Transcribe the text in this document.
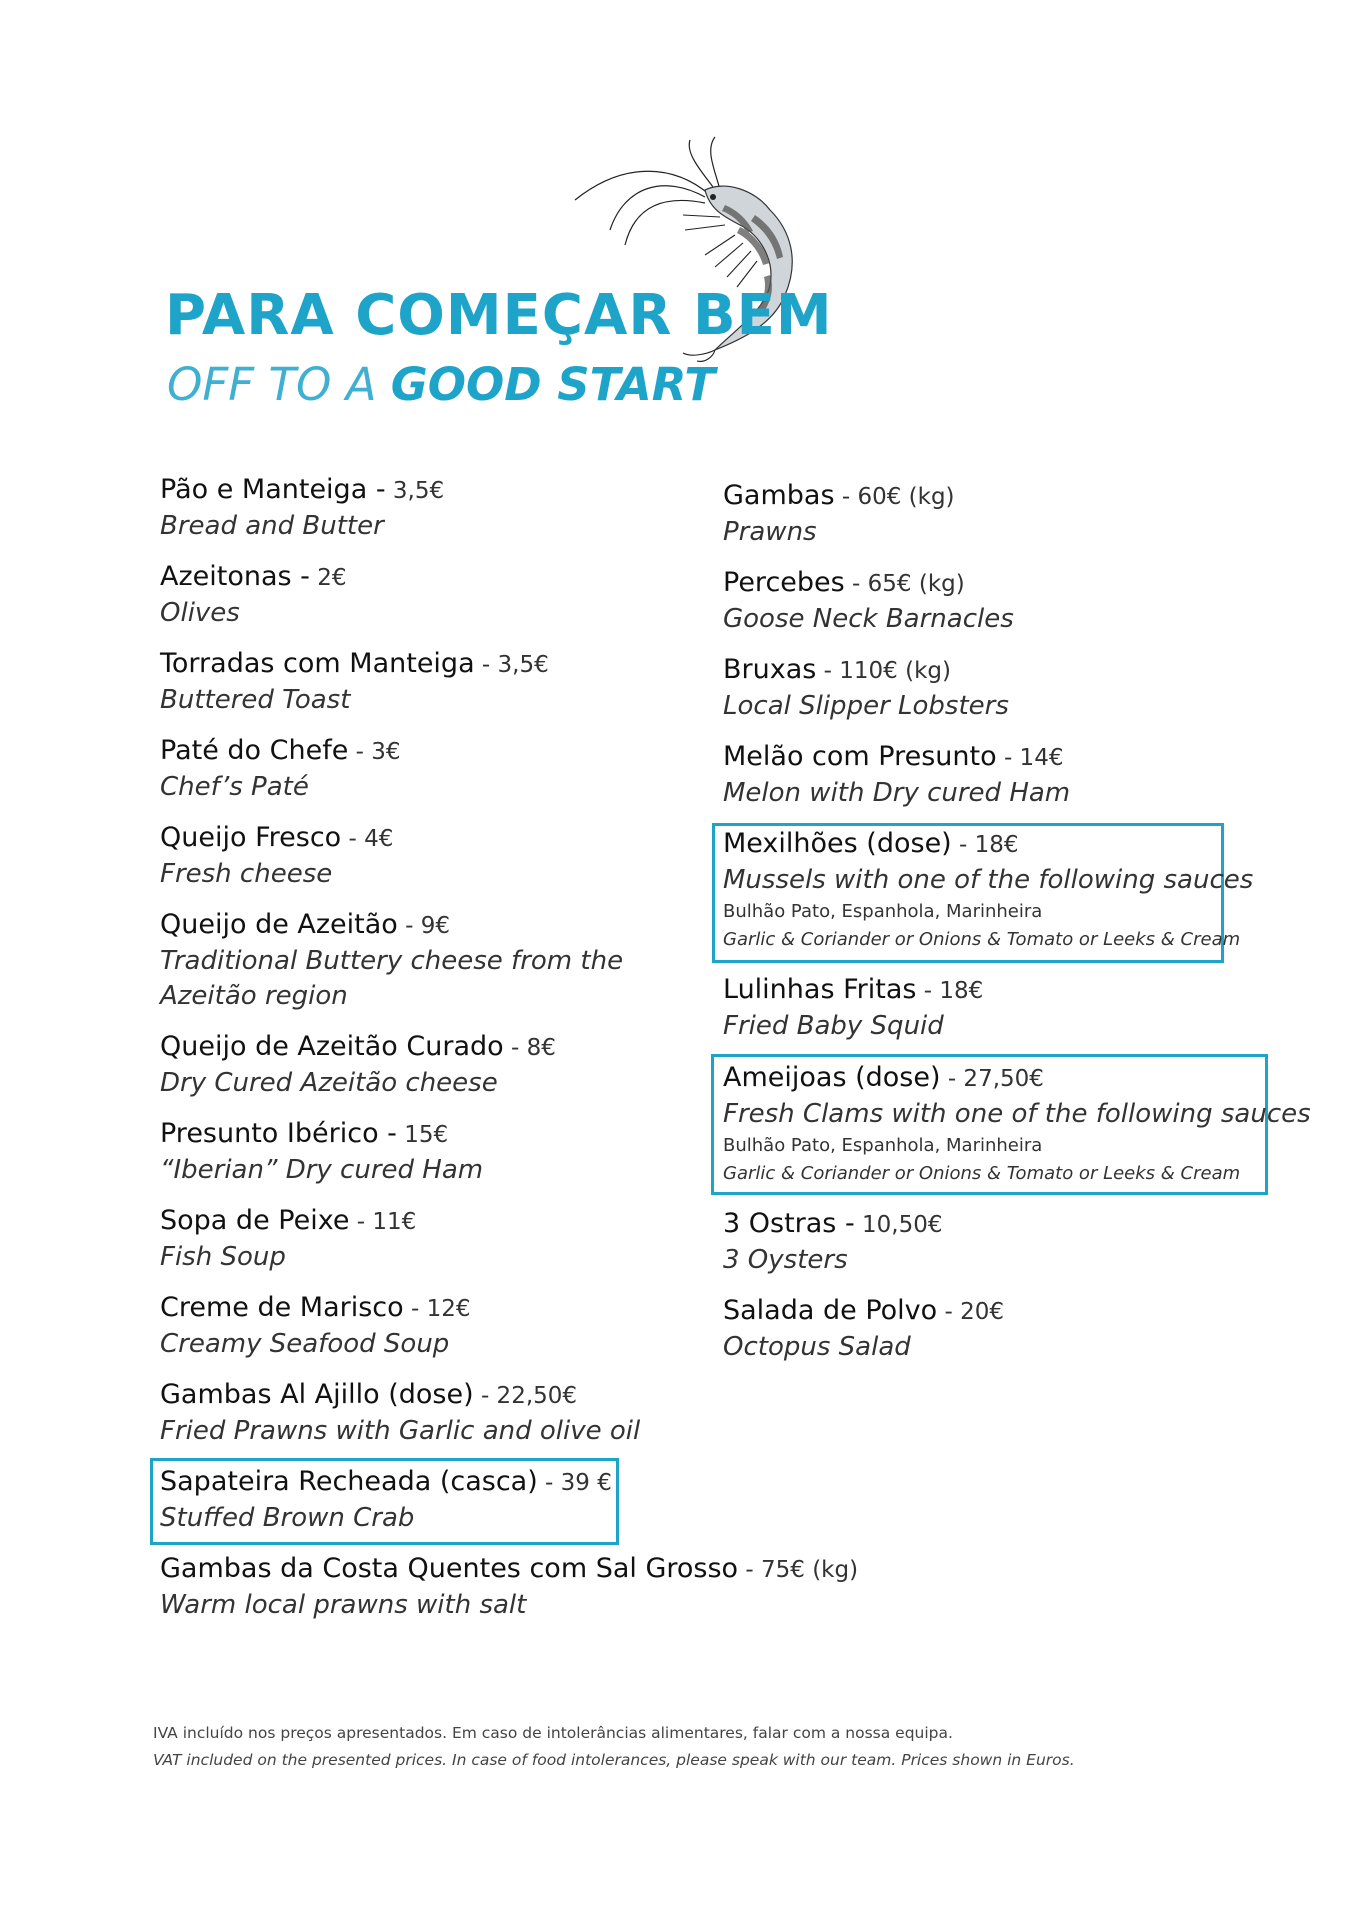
PARA COMEÇAR BEM
OFF TO A GOOD START
Pão e Manteiga - 3,5€
Bread and Butter
Azeitonas - 2€
Olives
Torradas com Manteiga - 3,5€
Buttered Toast
Paté do Chefe - 3€
Chef’s Paté
Queijo Fresco - 4€
Fresh cheese
Queijo de Azeitão - 9€
Traditional Buttery cheese from the
Azeitão region
Queijo de Azeitão Curado - 8€
Dry Cured Azeitão cheese
Presunto Ibérico - 15€
“Iberian” Dry cured Ham
Sopa de Peixe - 11€
Fish Soup
Creme de Marisco - 12€
Creamy Seafood Soup
Gambas Al Ajillo (dose) - 22,50€
Fried Prawns with Garlic and olive oil
Sapateira Recheada (casca) - 39 €
Stuffed Brown Crab
Gambas da Costa Quentes com Sal Grosso - 75€ (kg)
Warm local prawns with salt
Gambas - 60€ (kg)
Prawns
Percebes - 65€ (kg)
Goose Neck Barnacles
Bruxas - 110€ (kg)
Local Slipper Lobsters
Melão com Presunto - 14€
Melon with Dry cured Ham
Mexilhões (dose) - 18€
Mussels with one of the following sauces
Bulhão Pato, Espanhola, Marinheira
Garlic & Coriander or Onions & Tomato or Leeks & Cream
Lulinhas Fritas - 18€
Fried Baby Squid
Ameijoas (dose) - 27,50€
Fresh Clams with one of the following sauces
Bulhão Pato, Espanhola, Marinheira
Garlic & Coriander or Onions & Tomato or Leeks & Cream
3 Ostras - 10,50€
3 Oysters
Salada de Polvo - 20€
Octopus Salad
IVA incluído nos preços apresentados. Em caso de intolerâncias alimentares, falar com a nossa equipa.
VAT included on the presented prices. In case of food intolerances, please speak with our team. Prices shown in Euros.
